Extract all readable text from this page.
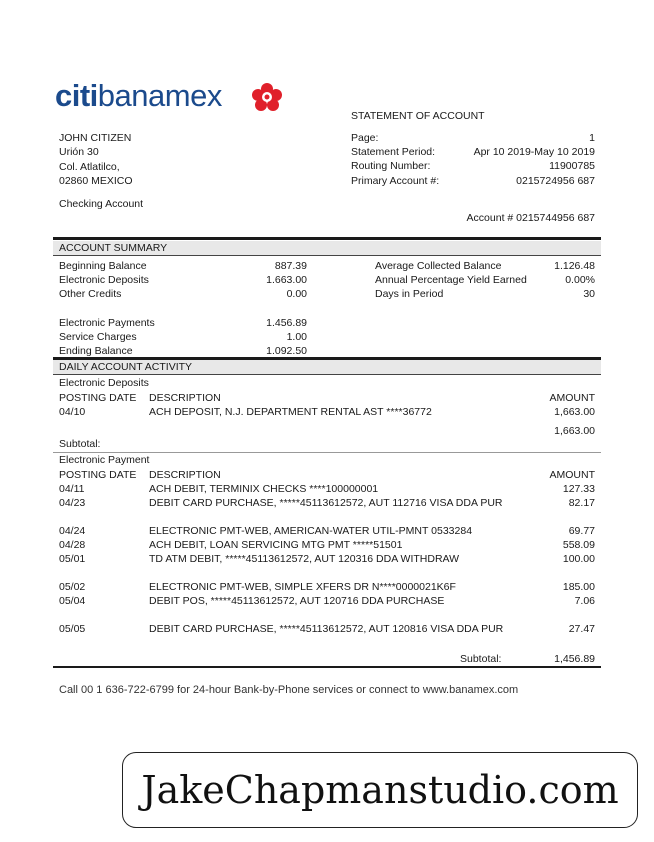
citibanamex
STATEMENT OF ACCOUNT
JOHN CITIZEN
Urión 30
Col. Atlatilco,
02860 MEXICO
Page:	1
Statement Period:	Apr 10 2019-May 10 2019
Routing Number:	11900785
Primary Account #:	0215724956 687
Checking Account
Account # 0215744956 687
ACCOUNT SUMMARY
Beginning Balance	887.39
Electronic Deposits	1.663.00
Other Credits	0.00
Electronic Payments	1.456.89
Service Charges	1.00
Ending Balance	1.092.50
Average Collected Balance	1.126.48
Annual Percentage Yield Earned	0.00%
Days in Period	30
DAILY ACCOUNT ACTIVITY
Electronic Deposits
POSTING DATE	DESCRIPTION	AMOUNT
04/10	ACH DEPOSIT, N.J. DEPARTMENT RENTAL AST ****36772	1,663.00
1,663.00
Subtotal:
Electronic Payment
POSTING DATE	DESCRIPTION	AMOUNT
04/11	ACH DEBIT, TERMINIX CHECKS ****100000001	127.33
04/23	DEBIT CARD PURCHASE, *****45113612572, AUT 112716 VISA DDA PUR	82.17
04/24	ELECTRONIC PMT-WEB, AMERICAN-WATER UTIL-PMNT 0533284	69.77
04/28	ACH DEBIT, LOAN SERVICING MTG PMT *****51501	558.09
05/01	TD ATM DEBIT, *****45113612572, AUT 120316 DDA WITHDRAW	100.00
05/02	ELECTRONIC PMT-WEB, SIMPLE XFERS DR N****0000021K6F	185.00
05/04	DEBIT POS, *****45113612572, AUT 120716 DDA PURCHASE	7.06
05/05	DEBIT CARD PURCHASE, *****45113612572, AUT 120816 VISA DDA PUR	27.47
Subtotal:	1,456.89
Call 00 1 636-722-6799 for 24-hour Bank-by-Phone services or connect to www.banamex.com
JakeChapmanstudio.com
